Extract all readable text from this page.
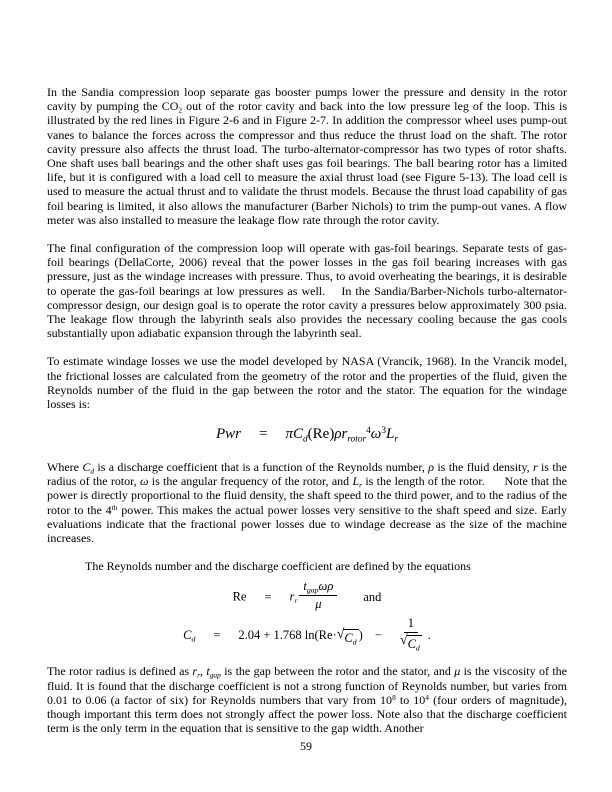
In the Sandia compression loop separate gas booster pumps lower the pressure and density in the rotor cavity by pumping the $CO_2$ out of the rotor cavity and back into the low pressure leg of the loop. This is illustrated by the red lines in Figure 2-6 and in Figure 2-7. In addition the compressor wheel uses pump-out vanes to balance the forces across the compressor and thus reduce the thrust load on the shaft. The rotor cavity pressure also affects the thrust load. The turbo-alternator-compressor has two types of rotor shafts. One shaft uses ball bearings and the other shaft uses gas foil bearings. The ball bearing rotor has a limited life, but it is configured with a load cell to measure the axial thrust load (see Figure 5-13). The load cell is used to measure the actual thrust and to validate the thrust models. Because the thrust load capability of gas foil bearing is limited, it also allows the manufacturer (Barber Nichols) to trim the pump-out vanes. A flow meter was also installed to measure the leakage flow rate through the rotor cavity.

The final configuration of the compression loop will operate with gas-foil bearings. Separate tests of gas-foil bearings (DellaCorte, 2006) reveal that the power losses in the gas foil bearing increases with gas pressure, just as the windage increases with pressure. Thus, to avoid overheating the bearings, it is desirable to operate the gas-foil bearings at low pressures as well.    In the Sandia/Barber-Nichols turbo-alternator-compressor design, our design goal is to operate the rotor cavity a pressures below approximately 300 psia. The leakage flow through the labyrinth seals also provides the necessary cooling because the gas cools substantially upon adiabatic expansion through the labyrinth seal.

To estimate windage losses we use the model developed by NASA (Vrancik, 1968). In the Vrancik model, the frictional losses are calculated from the geometry of the rotor and the properties of the fluid, given the Reynolds number of the fluid in the gap between the rotor and the stator. The equation for the windage losses is:

Pwr = $\pi C_d(Re)\rho r_{rotor}^4\omega^3L_r$

Where $C_d$ is a discharge coefficient that is a function of the Reynolds number, ρ is the fluid density, r is the radius of the rotor, ω is the angular frequency of the rotor, and $L_r$ is the length of the rotor.      Note that the power is directly proportional to the fluid density, the shaft speed to the third power, and to the radius of the rotor to the 4th power. This makes the actual power losses very sensitive to the shaft speed and size. Early evaluations indicate that the fractional power losses due to windage decrease as the size of the machine increases.

The Reynolds number and the discharge coefficient are defined by the equations

$Re = r_r \frac{t_{gap}\omega\rho}{\mu}$ and
$C_d = 2.04 + 1.768$ ln(Re· √ $C_d$
) − $\frac{1}{√ C_d}$ .

The rotor radius is defined as $r_r$, $t_{gap}$ is the gap between the rotor and the stator, and μ is the viscosity of the fluid. It is found that the discharge coefficient is not a strong function of Reynolds number, but varies from 0.01 to 0.06 (a factor of six) for Reynolds numbers that vary from $10^8$ to $10^4$ (four orders of magnitude), though important this term does not strongly affect the power loss. Note also that the discharge coefficient term is the only term in the equation that is sensitive to the gap width. Another

59
